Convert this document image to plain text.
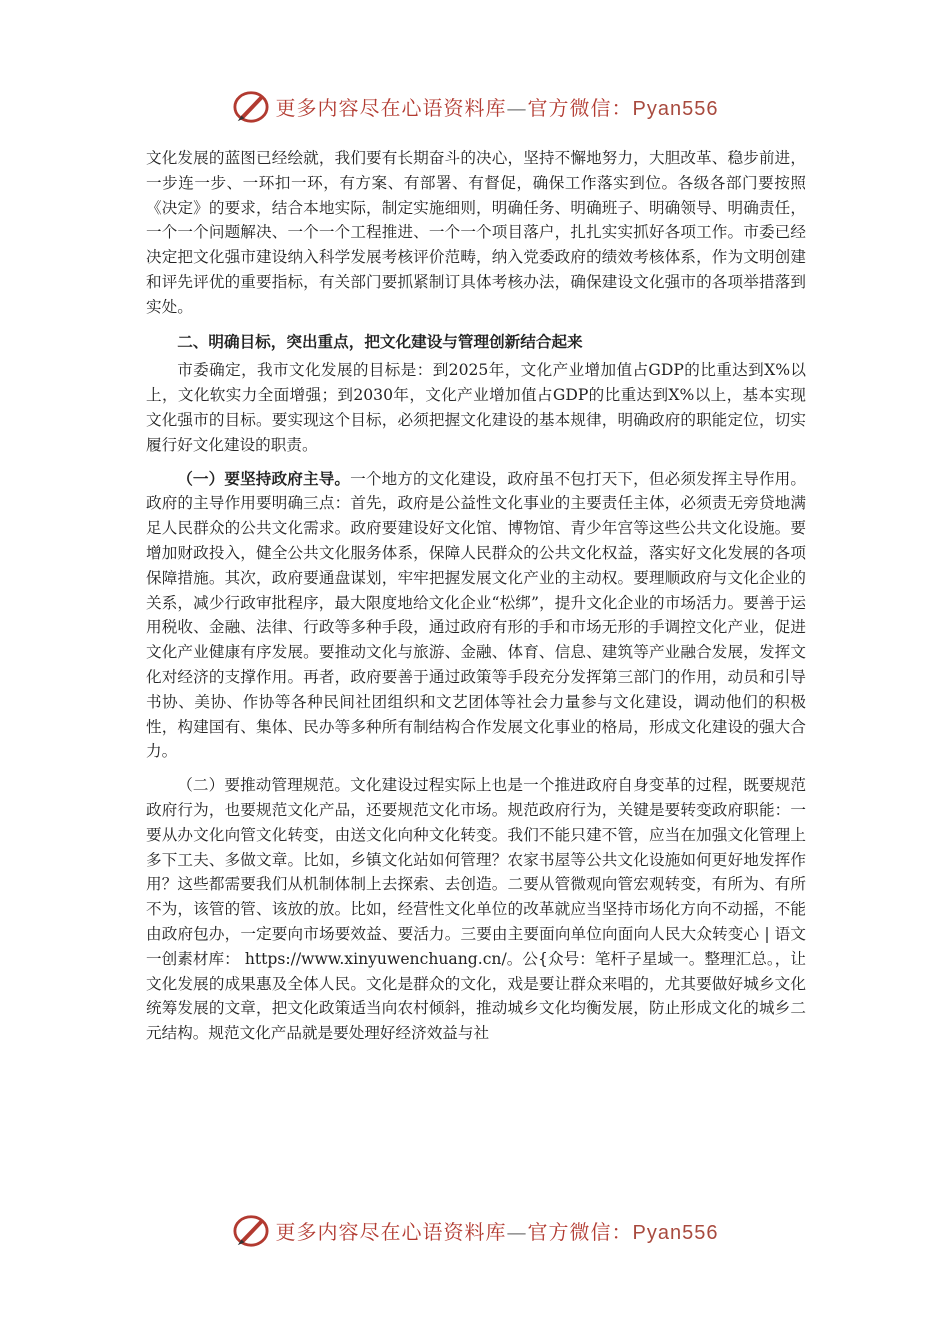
更多内容尽在心语资料库—官方微信：Pyan556

文化发展的蓝图已经绘就，我们要有长期奋斗的决心，坚持不懈地努力，大胆改革、稳步前进，一步连一步、一环扣一环，有方案、有部署、有督促，确保工作落实到位。各级各部门要按照《决定》的要求，结合本地实际，制定实施细则，明确任务、明确班子、明确领导、明确责任，一个一个问题解决、一个一个工程推进、一个一个项目落户，扎扎实实抓好各项工作。市委已经决定把文化强市建设纳入科学发展考核评价范畴，纳入党委政府的绩效考核体系，作为文明创建和评先评优的重要指标，有关部门要抓紧制订具体考核办法，确保建设文化强市的各项举措落到实处。

二、明确目标，突出重点，把文化建设与管理创新结合起来

市委确定，我市文化发展的目标是：到2025年，文化产业增加值占GDP的比重达到X%以上，文化软实力全面增强；到2030年，文化产业增加值占GDP的比重达到X%以上，基本实现文化强市的目标。要实现这个目标，必须把握文化建设的基本规律，明确政府的职能定位，切实履行好文化建设的职责。

（一）要坚持政府主导。一个地方的文化建设，政府虽不包打天下，但必须发挥主导作用。政府的主导作用要明确三点：首先，政府是公益性文化事业的主要责任主体，必须责无旁贷地满足人民群众的公共文化需求。政府要建设好文化馆、博物馆、青少年宫等这些公共文化设施。要增加财政投入，健全公共文化服务体系，保障人民群众的公共文化权益，落实好文化发展的各项保障措施。其次，政府要通盘谋划，牢牢把握发展文化产业的主动权。要理顺政府与文化企业的关系，减少行政审批程序，最大限度地给文化企业“松绑”，提升文化企业的市场活力。要善于运用税收、金融、法律、行政等多种手段，通过政府有形的手和市场无形的手调控文化产业，促进文化产业健康有序发展。要推动文化与旅游、金融、体育、信息、建筑等产业融合发展，发挥文化对经济的支撑作用。再者，政府要善于通过政策等手段充分发挥第三部门的作用，动员和引导书协、美协、作协等各种民间社团组织和文艺团体等社会力量参与文化建设，调动他们的积极性，构建国有、集体、民办等多种所有制结构合作发展文化事业的格局，形成文化建设的强大合力。

（二）要推动管理规范。文化建设过程实际上也是一个推进政府自身变革的过程，既要规范政府行为，也要规范文化产品，还要规范文化市场。规范政府行为，关键是要转变政府职能：一要从办文化向管文化转变，由送文化向种文化转变。我们不能只建不管，应当在加强文化管理上多下工夫、多做文章。比如，乡镇文化站如何管理？农家书屋等公共文化设施如何更好地发挥作用？这些都需要我们从机制体制上去探索、去创造。二要从管微观向管宏观转变，有所为、有所不为，该管的管、该放的放。比如，经营性文化单位的改革就应当坚持市场化方向不动摇，不能由政府包办，一定要向市场要效益、要活力。三要由主要面向单位向面向人民大众转变心 | 语文一创素材库： https://www.xinyuwenchuang.cn/。公{众号：笔杆子星域一。整理汇总。，让文化发展的成果惠及全体人民。文化是群众的文化，戏是要让群众来唱的，尤其要做好城乡文化统筹发展的文章，把文化政策适当向农村倾斜，推动城乡文化均衡发展，防止形成文化的城乡二元结构。规范文化产品就是要处理好经济效益与社

更多内容尽在心语资料库—官方微信：Pyan556
